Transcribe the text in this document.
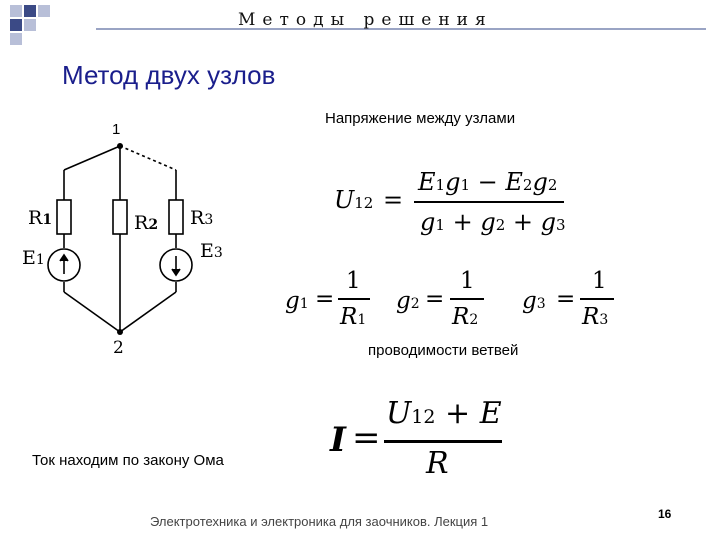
Методы решения
Метод двух узлов
1
2
R1	R2 R3
E1	E3
Напряжение между узлами
U12 =
E1g1 − E2g2
g1 + g2 + g3
g1 =
1
R1
g2 =
1
R2
g3 =
1
R3
проводимости ветвей
I =
U12 + E
R
Ток находим по закону Ома
Электротехника и электроника для заочников. Лекция 1	16
